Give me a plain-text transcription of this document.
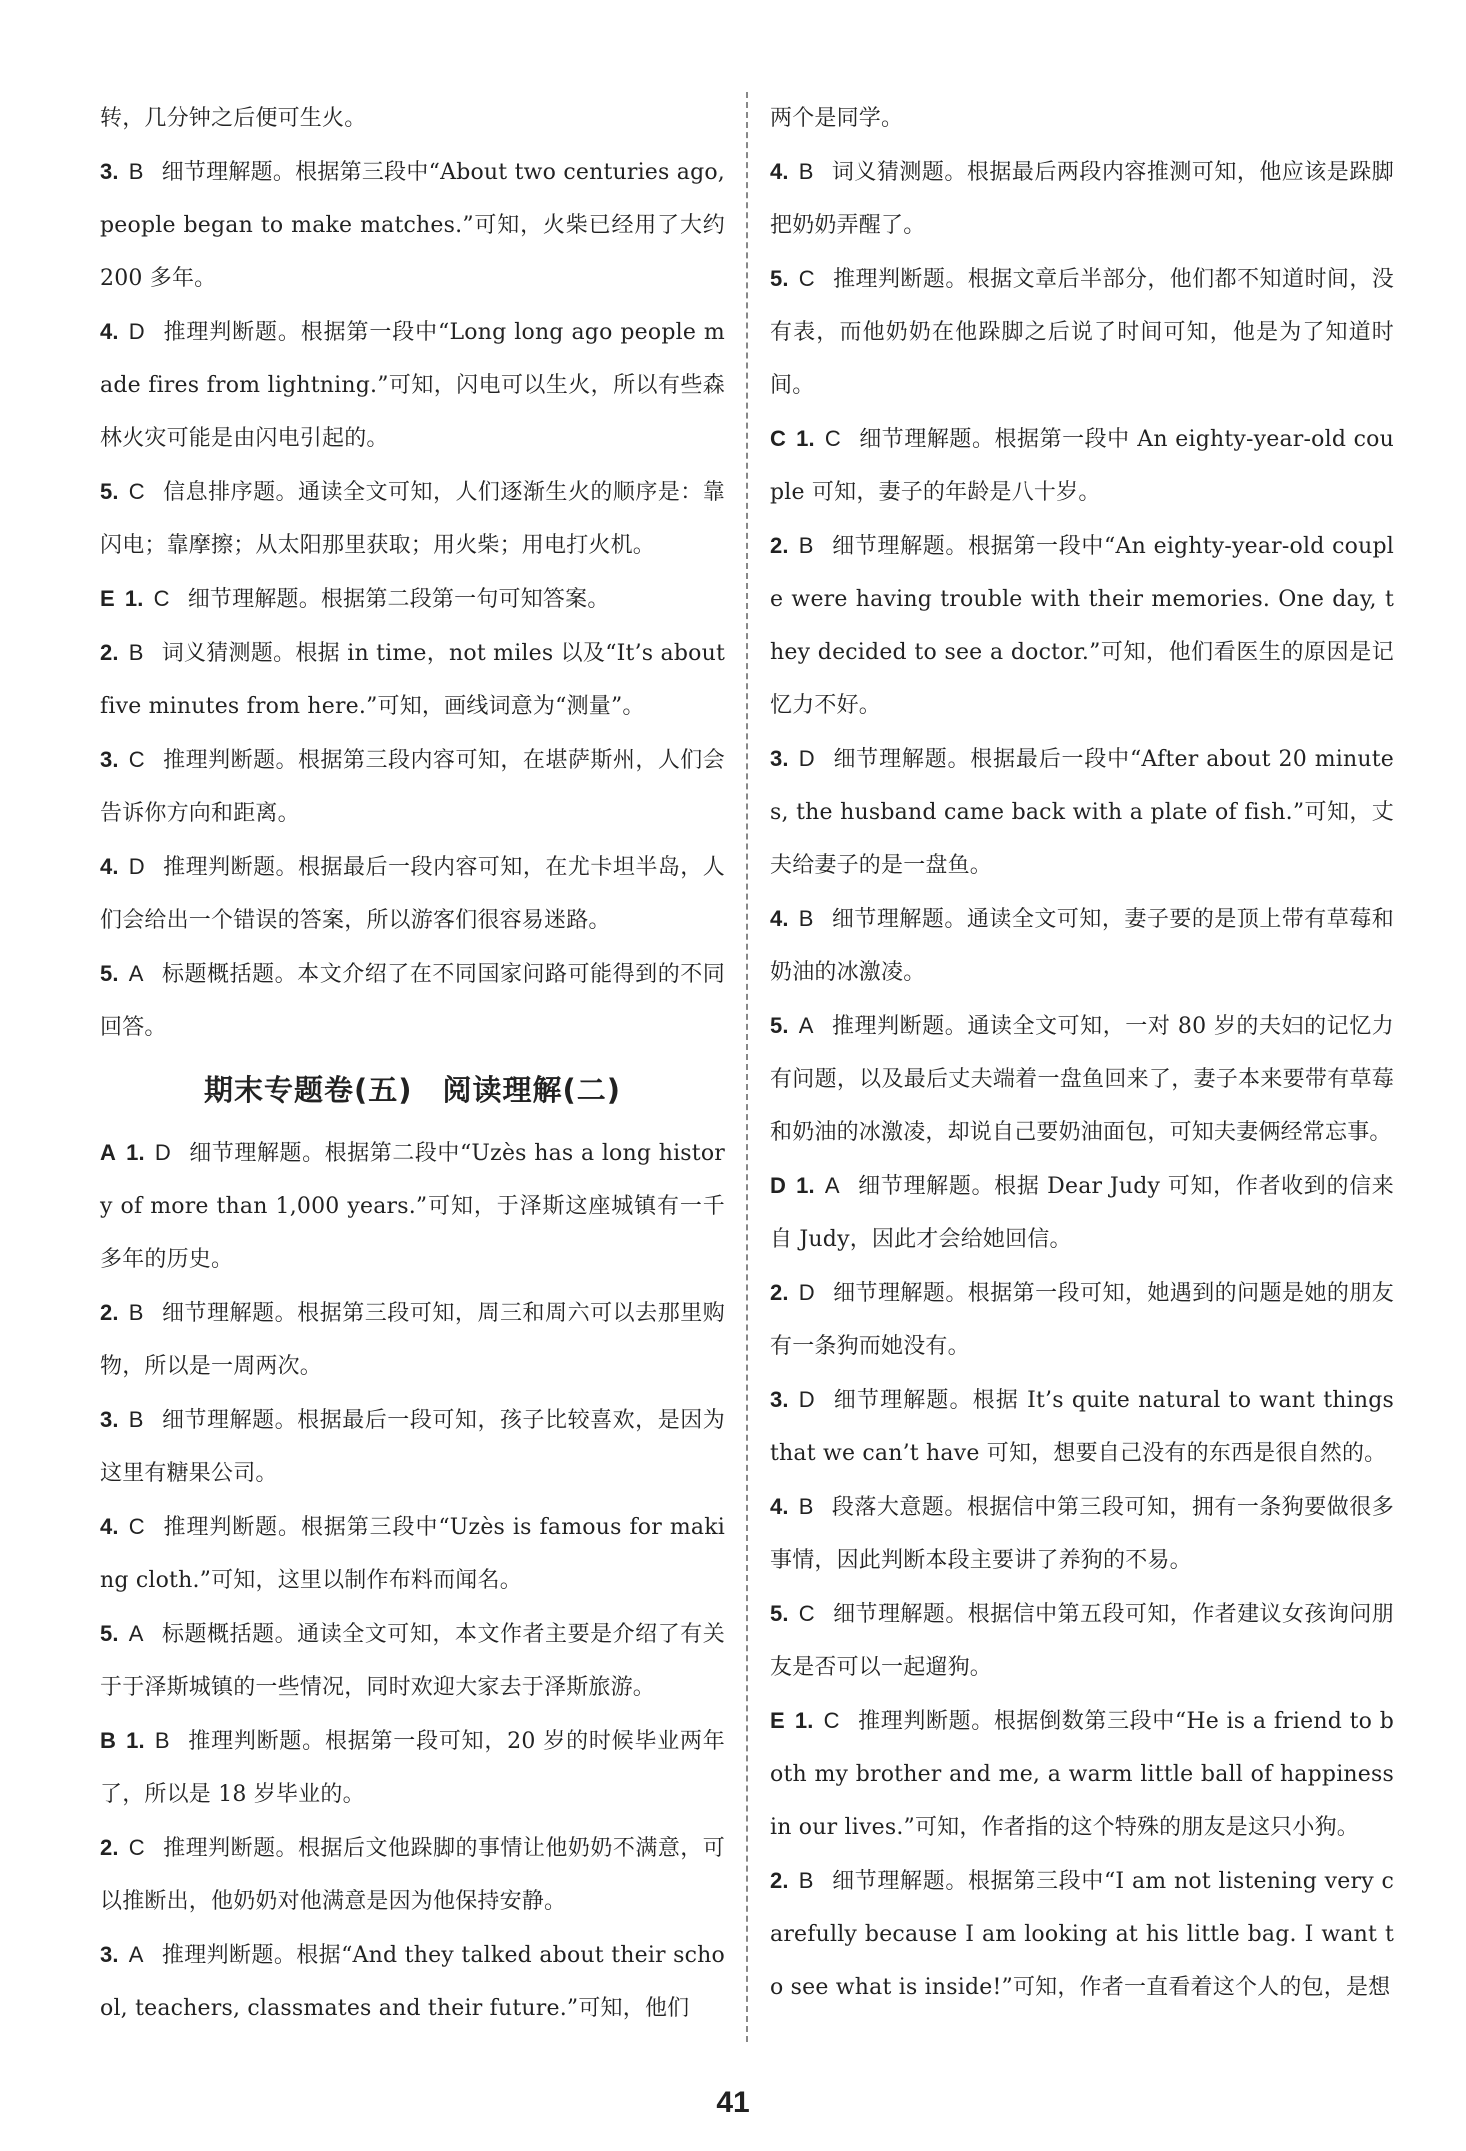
转，几分钟之后便可生火。

3. B 细节理解题。根据第三段中“About two centuries ago, people began to make matches.”可知，火柴已经用了大约 200 多年。

4. D 推理判断题。根据第一段中“Long long ago people made fires from lightning.”可知，闪电可以生火，所以有些森林火灾可能是由闪电引起的。

5. C 信息排序题。通读全文可知，人们逐渐生火的顺序是：靠闪电；靠摩擦；从太阳那里获取；用火柴；用电打火机。

E 1. C 细节理解题。根据第二段第一句可知答案。

2. B 词义猜测题。根据 in time，not miles 以及“It’s about five minutes from here.”可知，画线词意为“测量”。

3. C 推理判断题。根据第三段内容可知，在堪萨斯州，人们会告诉你方向和距离。

4. D 推理判断题。根据最后一段内容可知，在尤卡坦半岛，人们会给出一个错误的答案，所以游客们很容易迷路。

5. A 标题概括题。本文介绍了在不同国家问路可能得到的不同回答。

期末专题卷(五)　阅读理解(二)

A 1. D 细节理解题。根据第二段中“Uzès has a long history of more than 1,000 years.”可知，于泽斯这座城镇有一千多年的历史。

2. B 细节理解题。根据第三段可知，周三和周六可以去那里购物，所以是一周两次。

3. B 细节理解题。根据最后一段可知，孩子比较喜欢，是因为这里有糖果公司。

4. C 推理判断题。根据第三段中“Uzès is famous for making cloth.”可知，这里以制作布料而闻名。

5. A 标题概括题。通读全文可知，本文作者主要是介绍了有关于于泽斯城镇的一些情况，同时欢迎大家去于泽斯旅游。

B 1. B 推理判断题。根据第一段可知，20 岁的时候毕业两年了，所以是 18 岁毕业的。

2. C 推理判断题。根据后文他跺脚的事情让他奶奶不满意，可以推断出，他奶奶对他满意是因为他保持安静。

3. A 推理判断题。根据“And they talked about their school, teachers, classmates and their future.”可知，他们

两个是同学。

4. B 词义猜测题。根据最后两段内容推测可知，他应该是跺脚把奶奶弄醒了。

5. C 推理判断题。根据文章后半部分，他们都不知道时间，没有表，而他奶奶在他跺脚之后说了时间可知，他是为了知道时间。

C 1. C 细节理解题。根据第一段中 An eighty-year-old couple 可知，妻子的年龄是八十岁。

2. B 细节理解题。根据第一段中“An eighty-year-old couple were having trouble with their memories. One day, they decided to see a doctor.”可知，他们看医生的原因是记忆力不好。

3. D 细节理解题。根据最后一段中“After about 20 minutes, the husband came back with a plate of fish.”可知，丈夫给妻子的是一盘鱼。

4. B 细节理解题。通读全文可知，妻子要的是顶上带有草莓和奶油的冰激凌。

5. A 推理判断题。通读全文可知，一对 80 岁的夫妇的记忆力有问题，以及最后丈夫端着一盘鱼回来了，妻子本来要带有草莓和奶油的冰激凌，却说自己要奶油面包，可知夫妻俩经常忘事。

D 1. A 细节理解题。根据 Dear Judy 可知，作者收到的信来自 Judy，因此才会给她回信。

2. D 细节理解题。根据第一段可知，她遇到的问题是她的朋友有一条狗而她没有。

3. D 细节理解题。根据 It’s quite natural to want things that we can’t have 可知，想要自己没有的东西是很自然的。

4. B 段落大意题。根据信中第三段可知，拥有一条狗要做很多事情，因此判断本段主要讲了养狗的不易。

5. C 细节理解题。根据信中第五段可知，作者建议女孩询问朋友是否可以一起遛狗。

E 1. C 推理判断题。根据倒数第三段中“He is a friend to both my brother and me, a warm little ball of happiness in our lives.”可知，作者指的这个特殊的朋友是这只小狗。

2. B 细节理解题。根据第三段中“I am not listening very carefully because I am looking at his little bag. I want to see what is inside!”可知，作者一直看着这个人的包，是想

41
